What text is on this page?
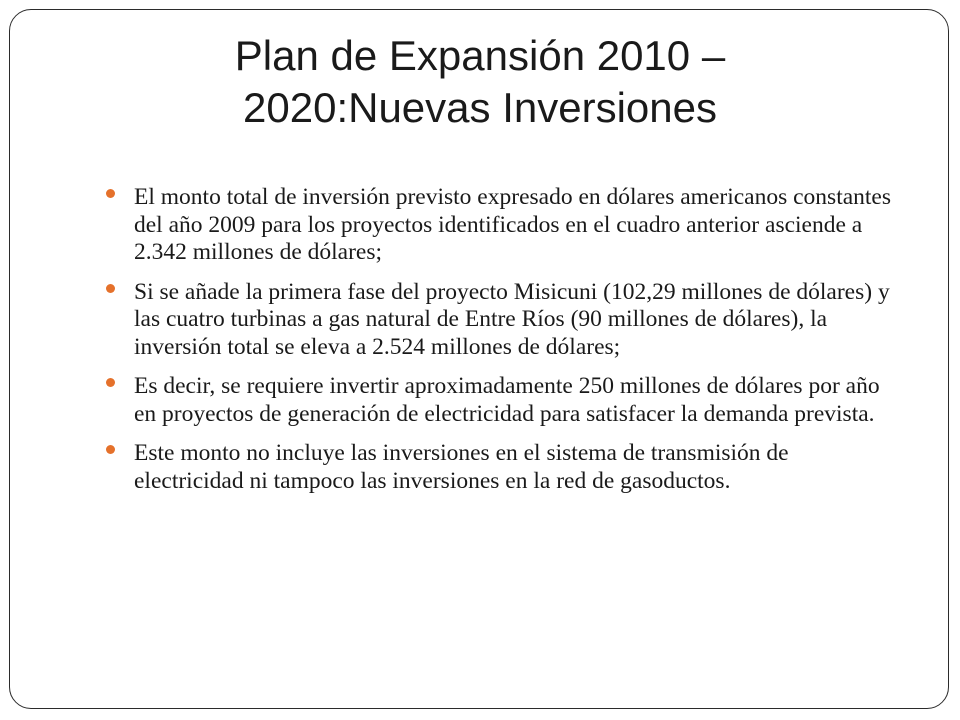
Plan de Expansión 2010 –
2020:Nuevas Inversiones
El monto total de inversión previsto expresado en dólares americanos constantes del año 2009 para los proyectos identificados en el cuadro anterior asciende a 2.342 millones de dólares;
Si se añade la primera fase del proyecto Misicuni (102,29 millones de dólares) y las cuatro turbinas a gas natural de Entre Ríos (90 millones de dólares), la inversión total se eleva a 2.524 millones de dólares;
Es decir, se requiere invertir aproximadamente 250 millones de dólares por año en proyectos de generación de electricidad para satisfacer la demanda prevista.
Este monto no incluye las inversiones en el sistema de transmisión de electricidad ni tampoco las inversiones en la red de gasoductos.
